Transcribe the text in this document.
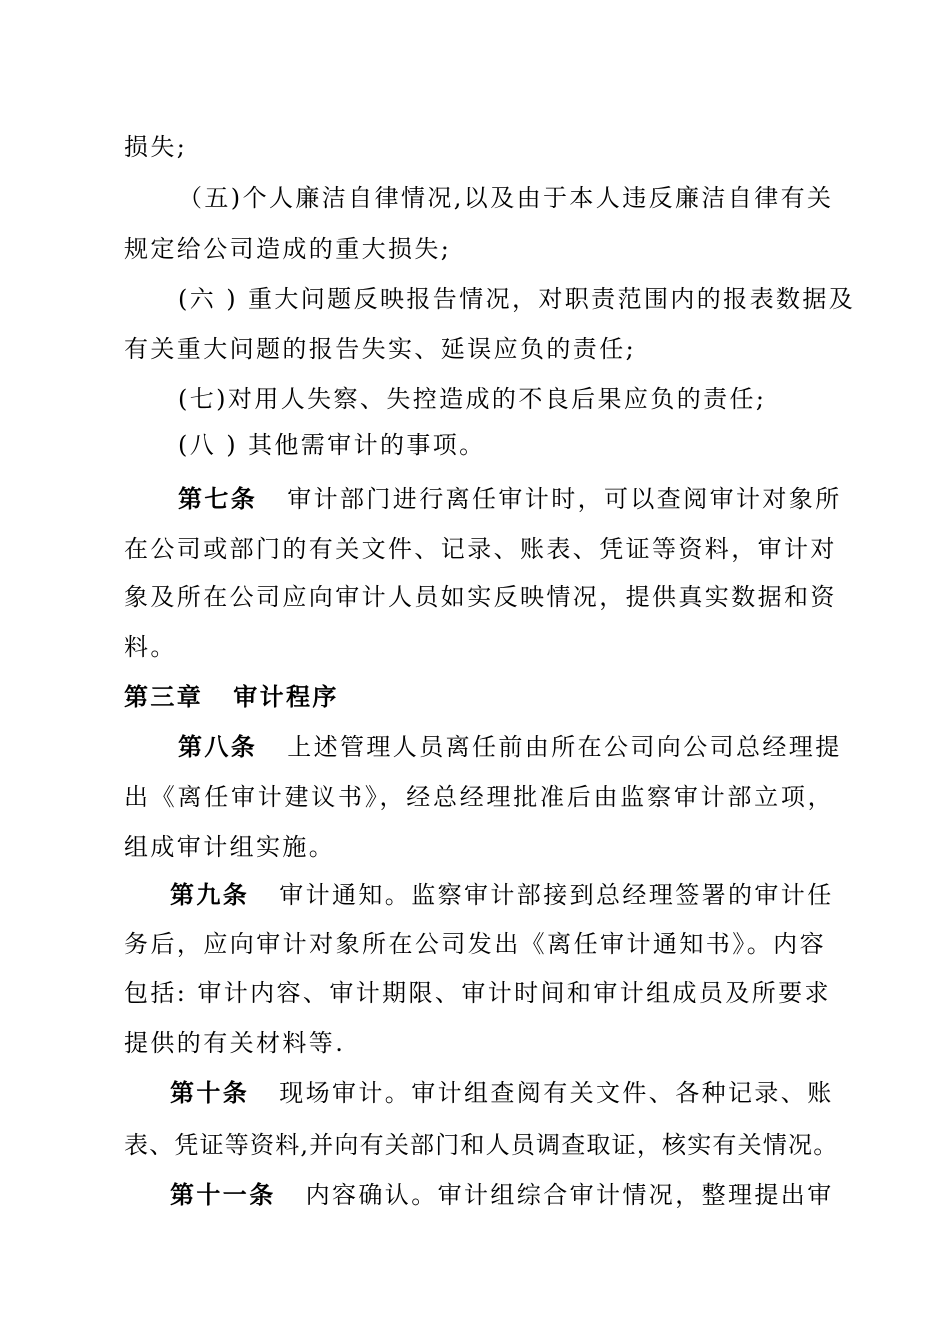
损失;
（五)个人廉洁自律情况,以及由于本人违反廉洁自律有关
规定给公司造成的重大损失;
(六 ) 重大问题反映报告情况，对职责范围内的报表数据及
有关重大问题的报告失实、延误应负的责任;
(七)对用人失察、失控造成的不良后果应负的责任;
(八 ) 其他需审计的事项。
第七条 审计部门进行离任审计时，可以查阅审计对象所
在公司或部门的有关文件、记录、账表、凭证等资料，审计对
象及所在公司应向审计人员如实反映情况，提供真实数据和资
料。
第三章 审计程序
第八条 上述管理人员离任前由所在公司向公司总经理提
出《离任审计建议书》，经总经理批准后由监察审计部立项，
组成审计组实施。
第九条 审计通知。监察审计部接到总经理签署的审计任
务后，应向审计对象所在公司发出《离任审计通知书》。内容
包括: 审计内容、审计期限、审计时间和审计组成员及所要求
提供的有关材料等.
第十条 现场审计。审计组查阅有关文件、各种记录、账
表、凭证等资料,并向有关部门和人员调查取证，核实有关情况。
第十一条 内容确认。审计组综合审计情况，整理提出审
